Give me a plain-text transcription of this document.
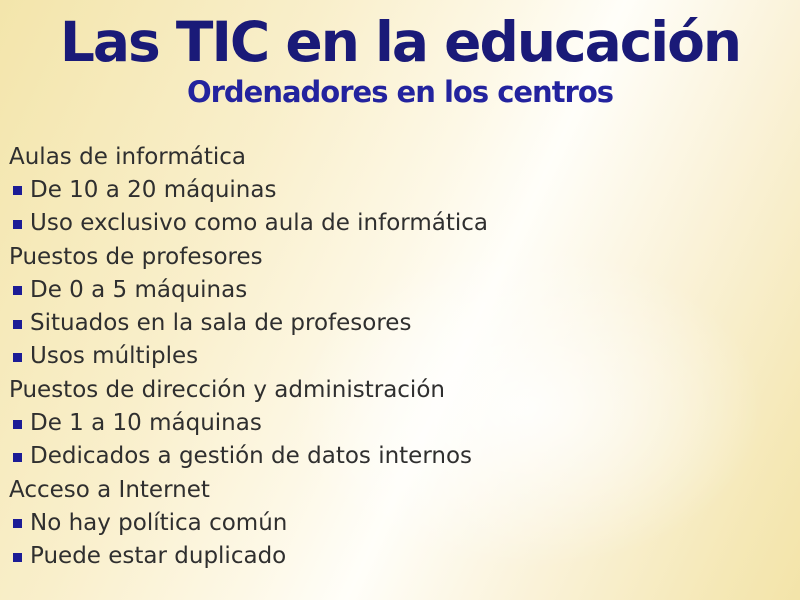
Las TIC en la educación
Ordenadores en los centros
Aulas de informática
De 10 a 20 máquinas
Uso exclusivo como aula de informática
Puestos de profesores
De 0 a 5 máquinas
Situados en la sala de profesores
Usos múltiples
Puestos de dirección y administración
De 1 a 10 máquinas
Dedicados a gestión de datos internos
Acceso a Internet
No hay política común
Puede estar duplicado
